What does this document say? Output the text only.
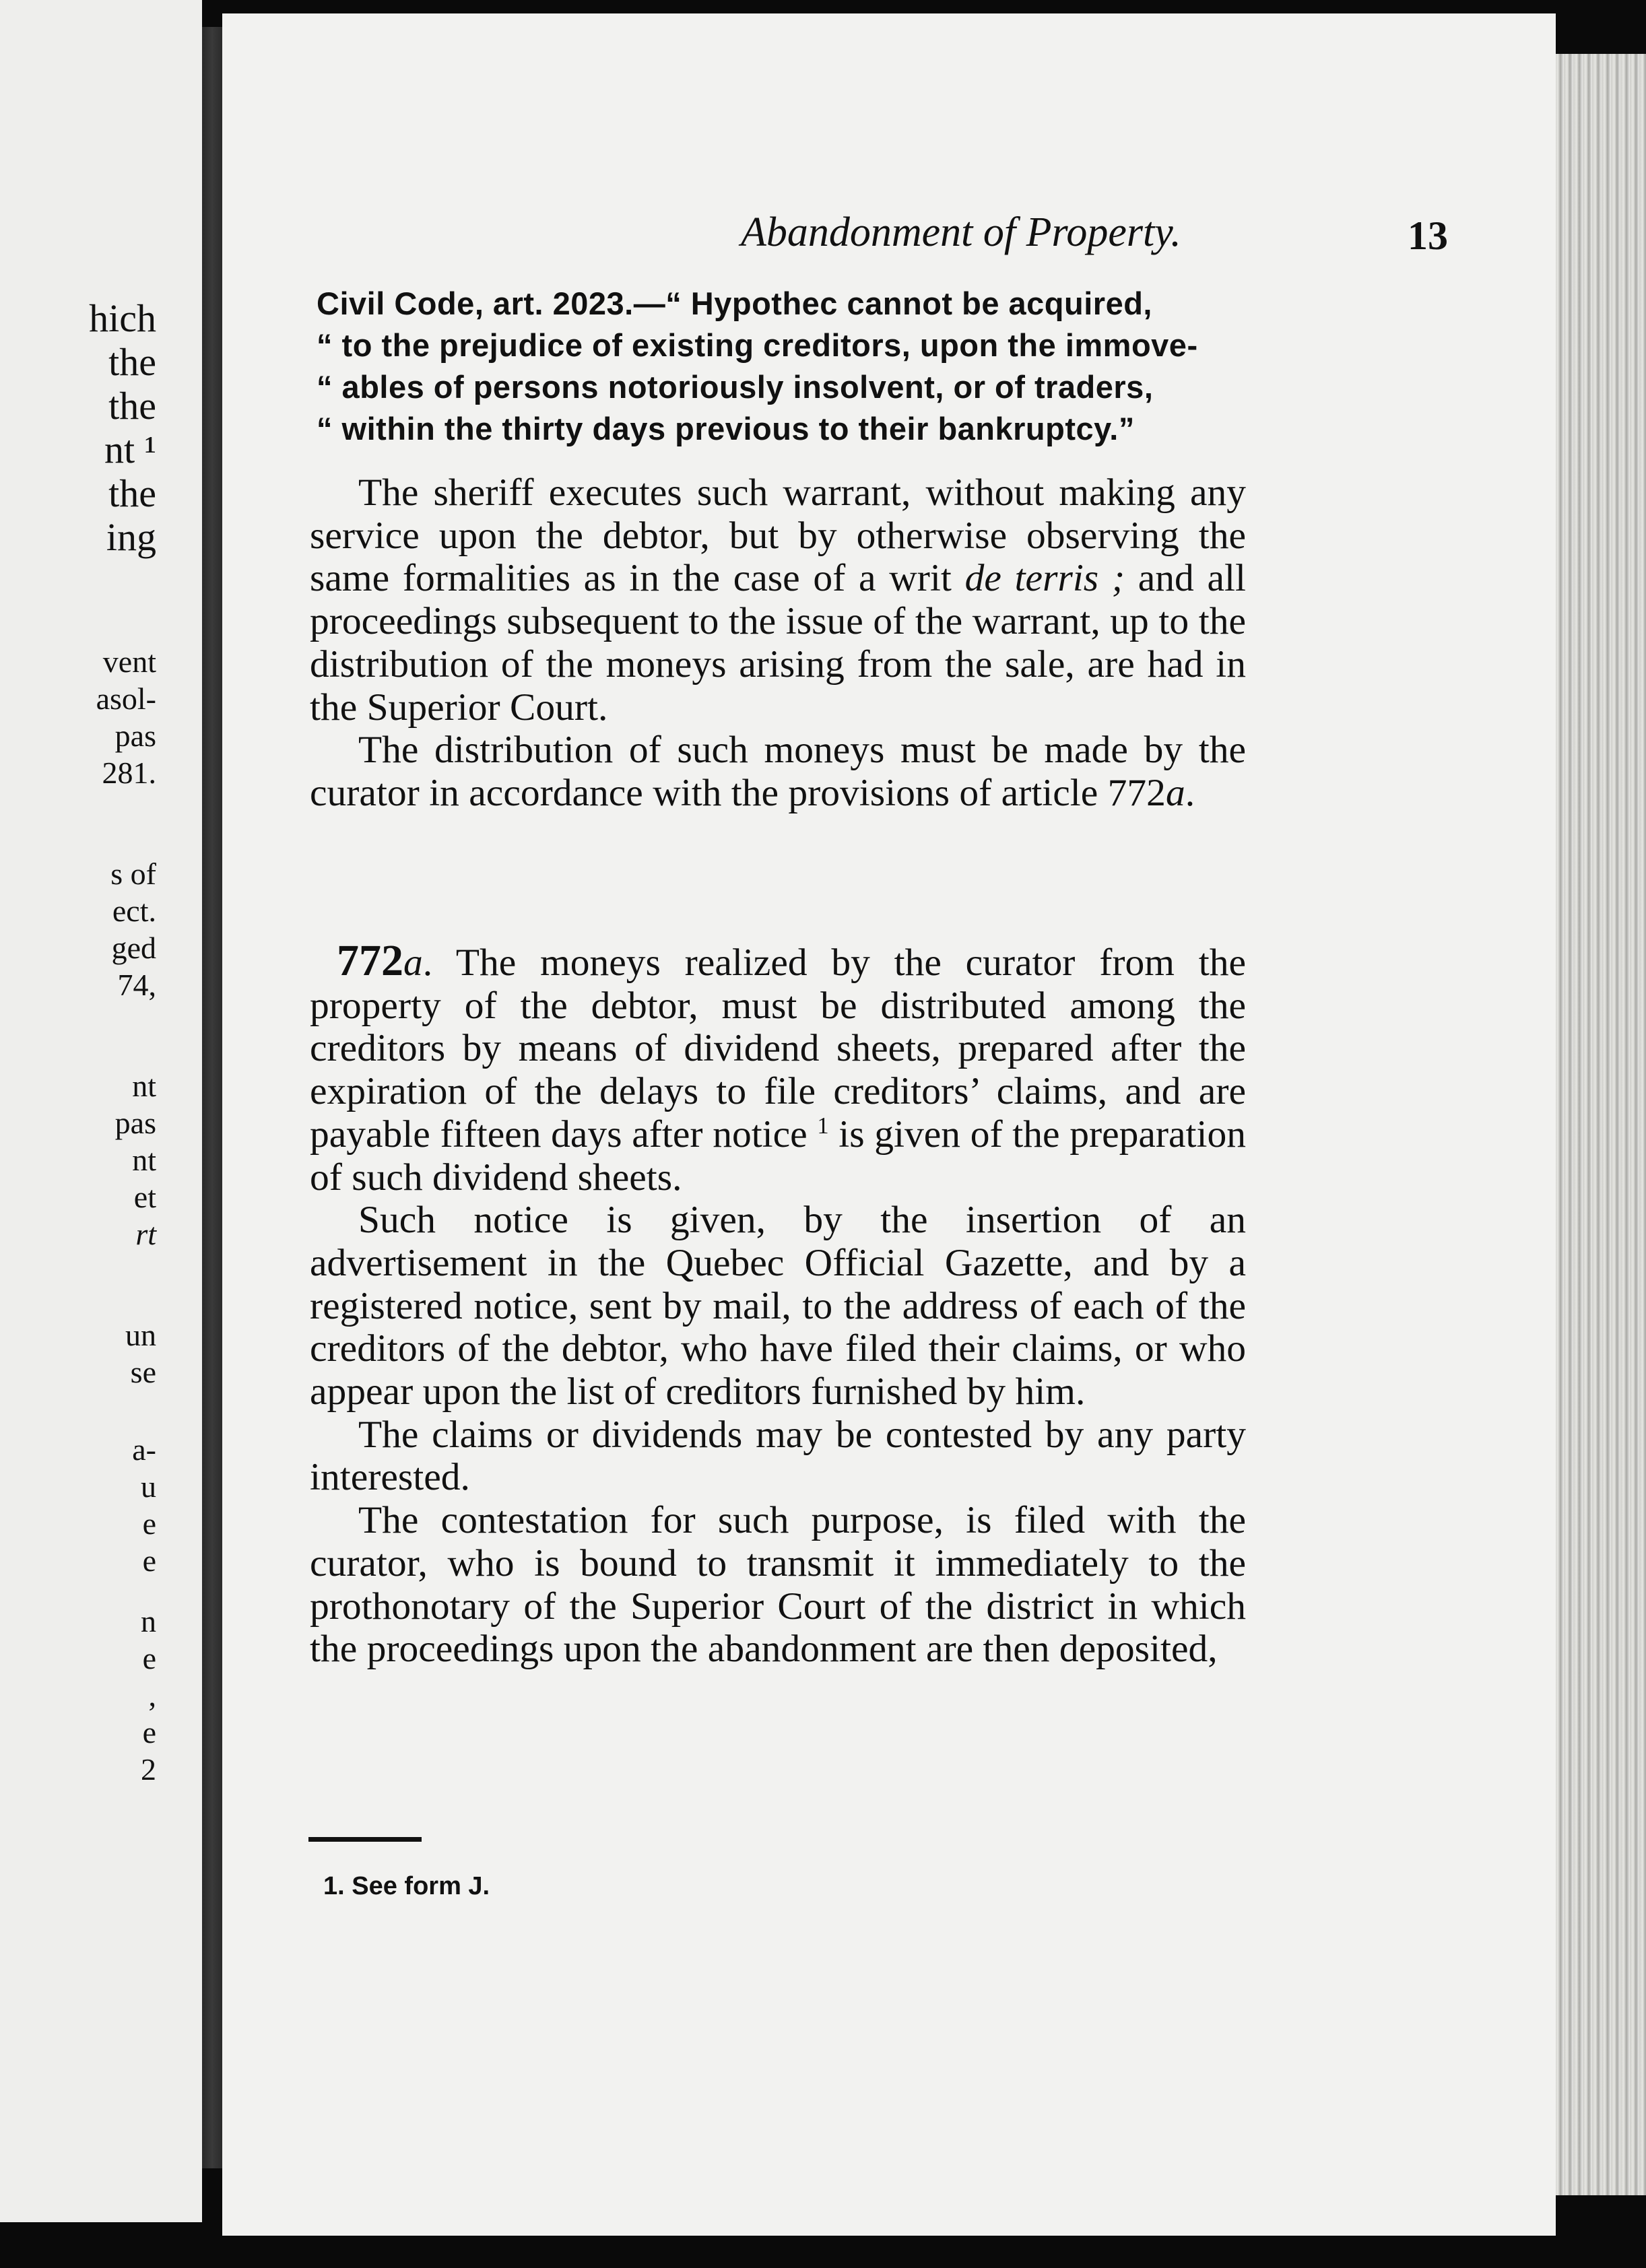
hich
the
the
nt ¹
the
ing
vent
asol-
pas
281.
s of
ect.
ged
74,
nt
pas
nt
et
rt
un
se
a-
u
e
e
n
e
,
e
2
Abandonment of Property.	13
Civil Code, art. 2023.—“ Hypothec cannot be acquired,
“ to the prejudice of existing creditors, upon the immove-
“ ables of persons notoriously insolvent, or of traders,
“ within the thirty days previous to their bankruptcy.”

The sheriff executes such warrant, without making any service upon the debtor, but by otherwise observing the same formalities as in the case of a writ de terris ; and all proceedings subsequent to the issue of the warrant, up to the distribution of the moneys arising from the sale, are had in the Superior Court.

The distribution of such moneys must be made by the curator in accordance with the provisions of article 772a.

772a. The moneys realized by the curator from the property of the debtor, must be distributed among the creditors by means of dividend sheets, prepared after the expiration of the delays to file creditors’ claims, and are payable fifteen days after notice $^1$ is given of the preparation of such dividend sheets.

Such notice is given, by the insertion of an advertisement in the Quebec Official Gazette, and by a registered notice, sent by mail, to the address of each of the creditors of the debtor, who have filed their claims, or who appear upon the list of creditors furnished by him.

The claims or dividends may be contested by any party interested.

The contestation for such purpose, is filed with the curator, who is bound to transmit it immediately to the prothonotary of the Superior Court of the district in which the proceedings upon the abandonment are then deposited,

1. See form J.
